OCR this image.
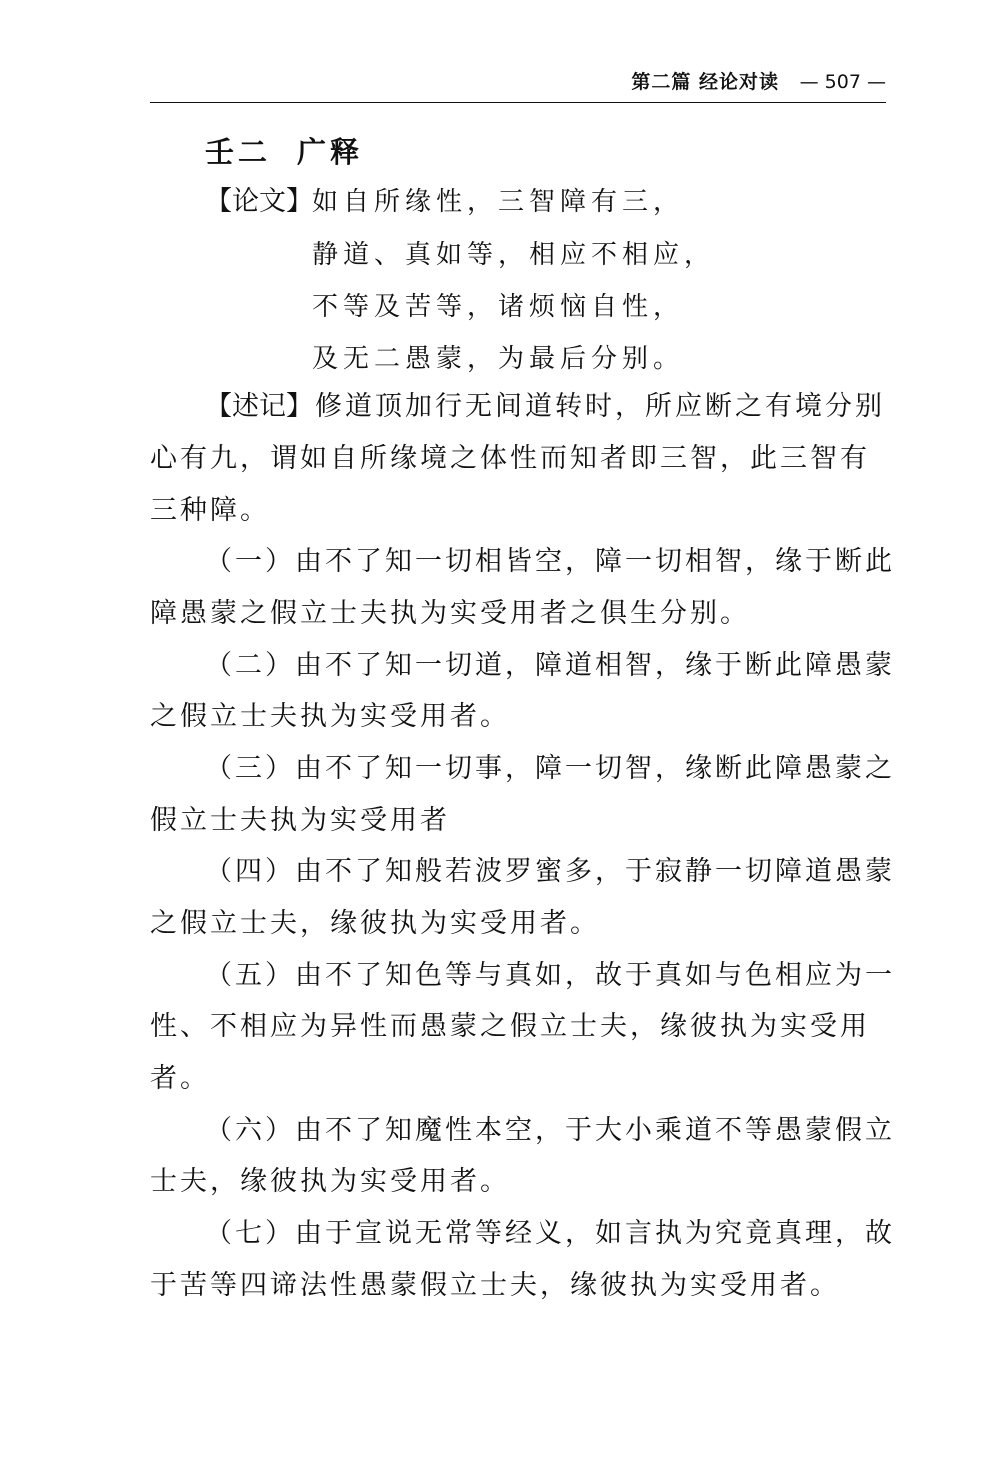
第二篇 经论对读 — 507 —
壬二 广释
【论文】 如自所缘性，三智障有三，
静道、真如等，相应不相应，
不等及苦等，诸烦恼自性，
及无二愚蒙，为最后分别。
【述记】修道顶加行无间道转时，所应断之有境分别
心有九，谓如自所缘境之体性而知者即三智，此三智有
三种障。
（一）由不了知一切相皆空，障一切相智，缘于断此
障愚蒙之假立士夫执为实受用者之俱生分别。
（二）由不了知一切道，障道相智，缘于断此障愚蒙
之假立士夫执为实受用者。
（三）由不了知一切事，障一切智，缘断此障愚蒙之
假立士夫执为实受用者
（四）由不了知般若波罗蜜多，于寂静一切障道愚蒙
之假立士夫，缘彼执为实受用者。
（五）由不了知色等与真如，故于真如与色相应为一
性、不相应为异性而愚蒙之假立士夫，缘彼执为实受用
者。
（六）由不了知魔性本空，于大小乘道不等愚蒙假立
士夫，缘彼执为实受用者。
（七）由于宣说无常等经义，如言执为究竟真理，故
于苦等四谛法性愚蒙假立士夫，缘彼执为实受用者。
